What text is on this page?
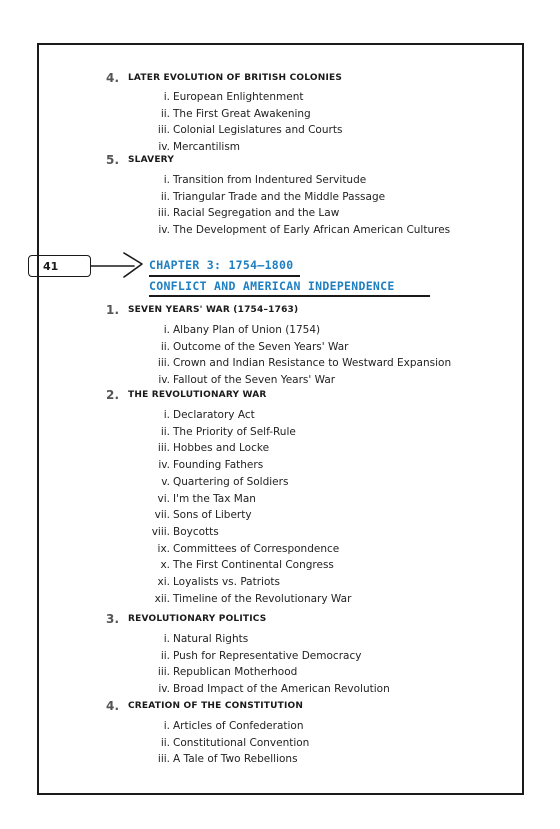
41	CHAPTER 3: 1754–1800
CONFLICT AND AMERICAN INDEPENDENCE
4. LATER EVOLUTION OF BRITISH COLONIES
i. European Enlightenment
ii. The First Great Awakening
iii. Colonial Legislatures and Courts
iv. Mercantilism
5. SLAVERY
i. Transition from Indentured Servitude
ii. Triangular Trade and the Middle Passage
iii. Racial Segregation and the Law
iv. The Development of Early African American Cultures
1. SEVEN YEARS' WAR (1754–1763)
i. Albany Plan of Union (1754)
ii. Outcome of the Seven Years' War
iii. Crown and Indian Resistance to Westward Expansion
iv. Fallout of the Seven Years' War
2. THE REVOLUTIONARY WAR
i. Declaratory Act
ii. The Priority of Self-Rule
iii. Hobbes and Locke
iv. Founding Fathers
v. Quartering of Soldiers
vi. I'm the Tax Man
vii. Sons of Liberty
viii. Boycotts
ix. Committees of Correspondence
x. The First Continental Congress
xi. Loyalists vs. Patriots
xii. Timeline of the Revolutionary War
3. REVOLUTIONARY POLITICS
i. Natural Rights
ii. Push for Representative Democracy
iii. Republican Motherhood
iv. Broad Impact of the American Revolution
4. CREATION OF THE CONSTITUTION
i. Articles of Confederation
ii. Constitutional Convention
iii. A Tale of Two Rebellions
